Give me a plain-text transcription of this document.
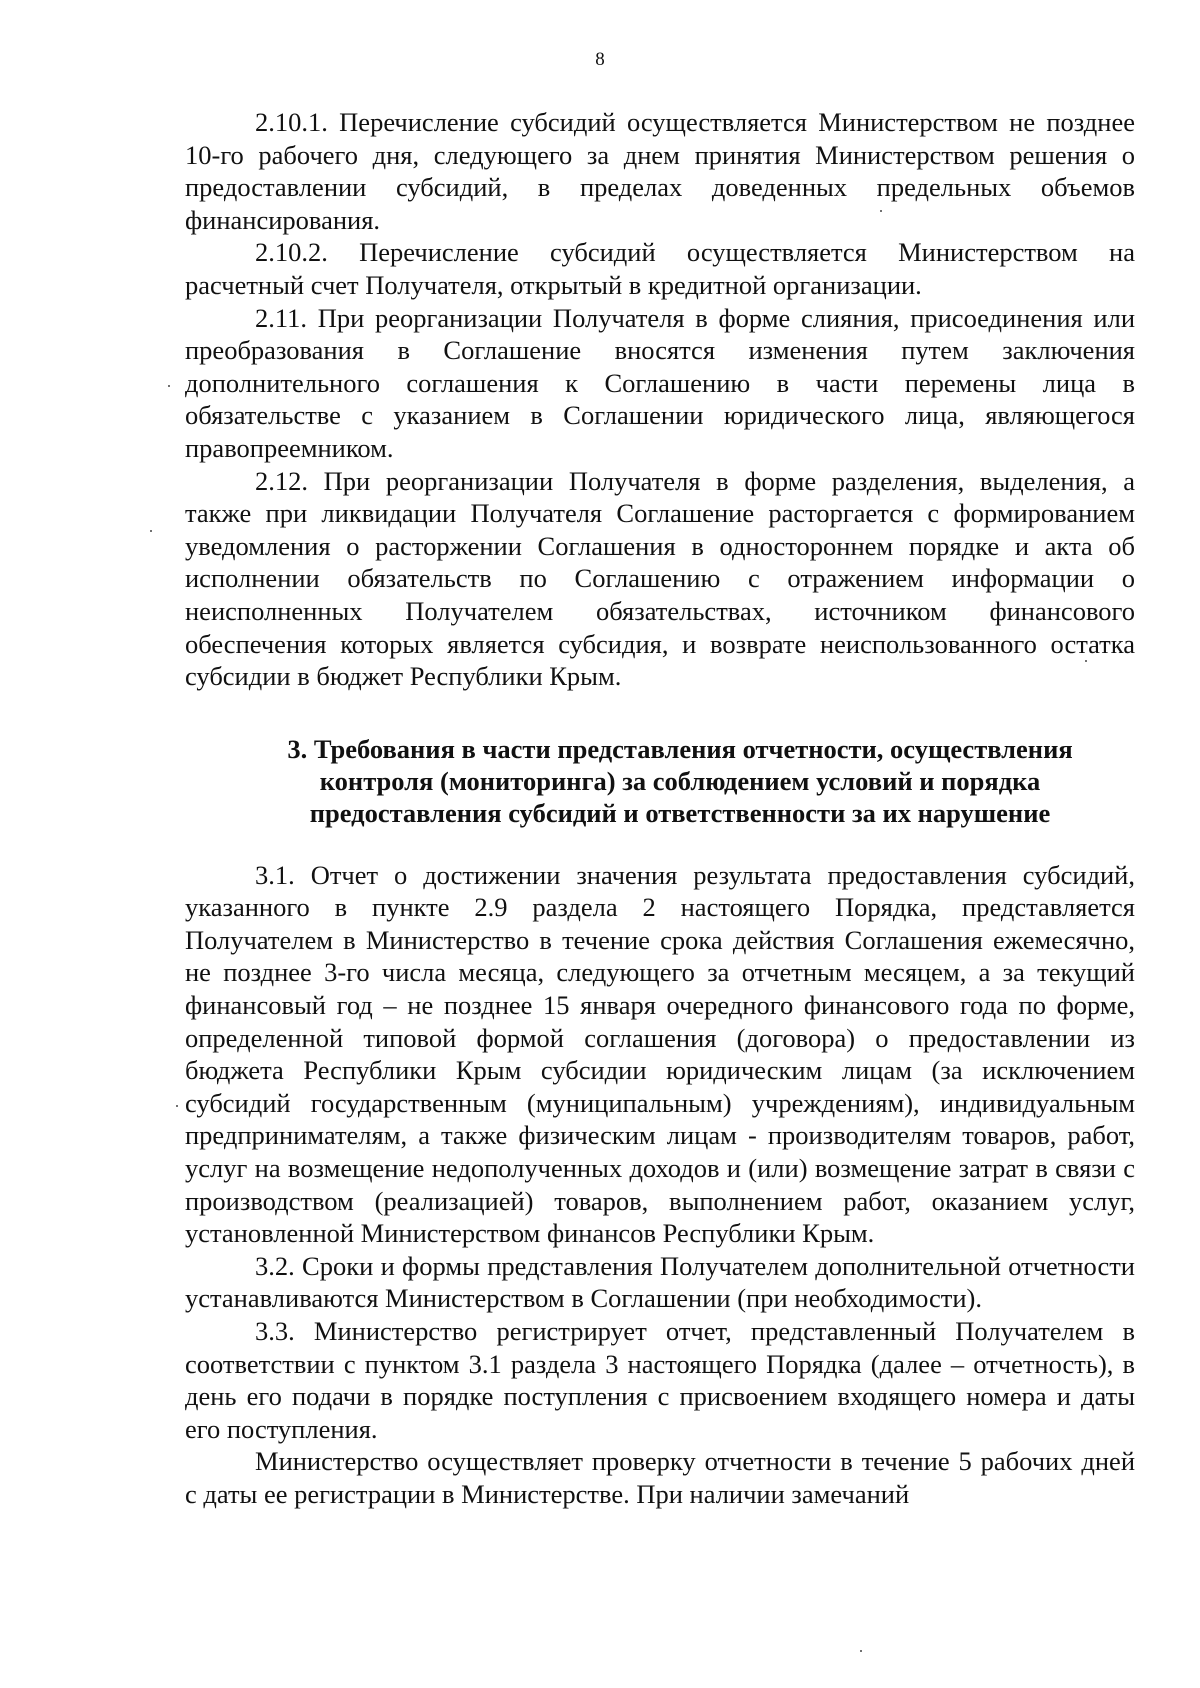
8

2.10.1. Перечисление субсидий осуществляется Министерством не позднее 10-го рабочего дня, следующего за днем принятия Министерством решения о предоставлении субсидий, в пределах доведенных предельных объемов финансирования.

2.10.2. Перечисление субсидий осуществляется Министерством на расчетный счет Получателя, открытый в кредитной организации.

2.11. При реорганизации Получателя в форме слияния, присоединения или преобразования в Соглашение вносятся изменения путем заключения дополнительного соглашения к Соглашению в части перемены лица в обязательстве с указанием в Соглашении юридического лица, являющегося правопреемником.

2.12. При реорганизации Получателя в форме разделения, выделения, а также при ликвидации Получателя Соглашение расторгается с формированием уведомления о расторжении Соглашения в одностороннем порядке и акта об исполнении обязательств по Соглашению с отражением информации о неисполненных Получателем обязательствах, источником финансового обеспечения которых является субсидия, и возврате неиспользованного остатка субсидии в бюджет Республики Крым.

3. Требования в части представления отчетности, осуществления
контроля (мониторинга) за соблюдением условий и порядка
предоставления субсидий и ответственности за их нарушение

3.1. Отчет о достижении значения результата предоставления субсидий, указанного в пункте 2.9 раздела 2 настоящего Порядка, представляется Получателем в Министерство в течение срока действия Соглашения ежемесячно, не позднее 3-го числа месяца, следующего за отчетным месяцем, а за текущий финансовый год – не позднее 15 января очередного финансового года по форме, определенной типовой формой соглашения (договора) о предоставлении из бюджета Республики Крым субсидии юридическим лицам (за исключением субсидий государственным (муниципальным) учреждениям), индивидуальным предпринимателям, а также физическим лицам - производителям товаров, работ, услуг на возмещение недополученных доходов и (или) возмещение затрат в связи с производством (реализацией) товаров, выполнением работ, оказанием услуг, установленной Министерством финансов Республики Крым.

3.2. Сроки и формы представления Получателем дополнительной отчетности устанавливаются Министерством в Соглашении (при необходимости).

3.3. Министерство регистрирует отчет, представленный Получателем в соответствии с пунктом 3.1 раздела 3 настоящего Порядка (далее – отчетность), в день его подачи в порядке поступления с присвоением входящего номера и даты его поступления.

Министерство осуществляет проверку отчетности в течение 5 рабочих дней с даты ее регистрации в Министерстве. При наличии замечаний
